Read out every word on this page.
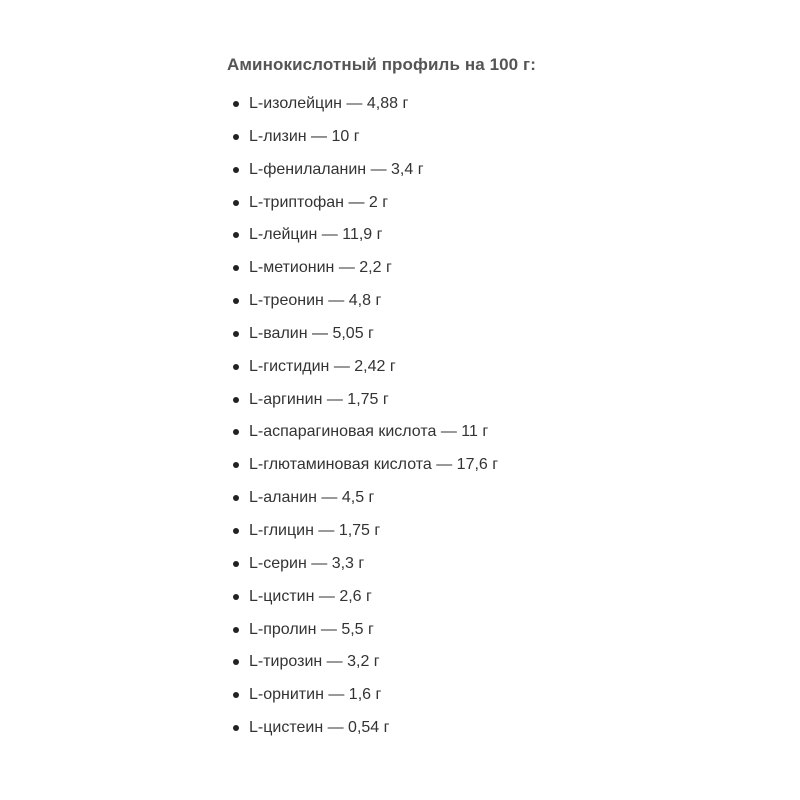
Аминокислотный профиль на 100 г:
L-изолейцин — 4,88 г
L-лизин — 10 г
L-фенилаланин — 3,4 г
L-триптофан — 2 г
L-лейцин — 11,9 г
L-метионин — 2,2 г
L-треонин — 4,8 г
L-валин — 5,05 г
L-гистидин — 2,42 г
L-аргинин — 1,75 г
L-аспарагиновая кислота — 11 г
L-глютаминовая кислота — 17,6 г
L-аланин — 4,5 г
L-глицин — 1,75 г
L-серин — 3,3 г
L-цистин — 2,6 г
L-пролин — 5,5 г
L-тирозин — 3,2 г
L-орнитин — 1,6 г
L-цистеин — 0,54 г
